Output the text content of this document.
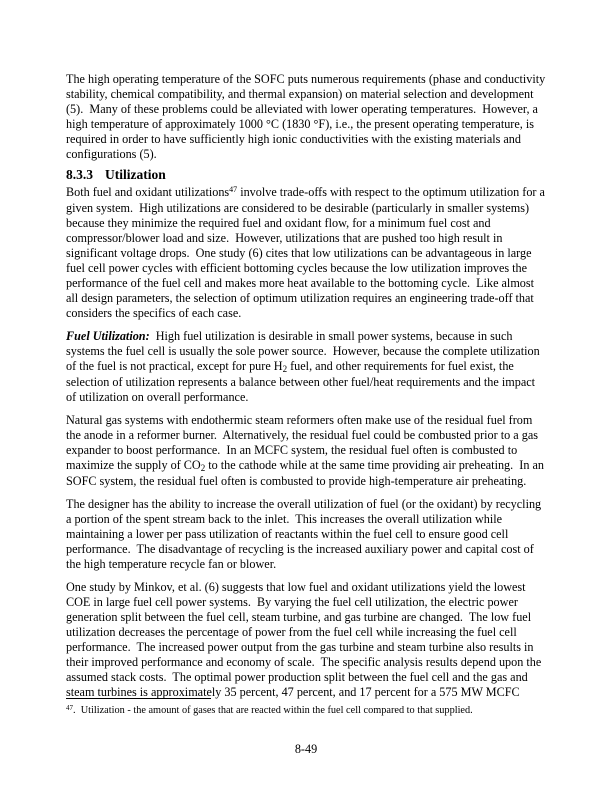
The high operating temperature of the SOFC puts numerous requirements (phase and conductivity stability, chemical compatibility, and thermal expansion) on material selection and development (5).  Many of these problems could be alleviated with lower operating temperatures.  However, a high temperature of approximately 1000 °C (1830 °F), i.e., the present operating temperature, is required in order to have sufficiently high ionic conductivities with the existing materials and configurations (5).

8.3.3 Utilization

Both fuel and oxidant utilizations$^{47}$ involve trade-offs with respect to the optimum utilization for a given system.  High utilizations are considered to be desirable (particularly in smaller systems) because they minimize the required fuel and oxidant flow, for a minimum fuel cost and compressor/blower load and size.  However, utilizations that are pushed too high result in significant voltage drops.  One study (6) cites that low utilizations can be advantageous in large fuel cell power cycles with efficient bottoming cycles because the low utilization improves the performance of the fuel cell and makes more heat available to the bottoming cycle.  Like almost all design parameters, the selection of optimum utilization requires an engineering trade-off that considers the specifics of each case.

Fuel Utilization:  High fuel utilization is desirable in small power systems, because in such systems the fuel cell is usually the sole power source.  However, because the complete utilization of the fuel is not practical, except for pure H2 fuel, and other requirements for fuel exist, the selection of utilization represents a balance between other fuel/heat requirements and the impact of utilization on overall performance.

Natural gas systems with endothermic steam reformers often make use of the residual fuel from the anode in a reformer burner.  Alternatively, the residual fuel could be combusted prior to a gas expander to boost performance.  In an MCFC system, the residual fuel often is combusted to maximize the supply of CO2 to the cathode while at the same time providing air preheating.  In an SOFC system, the residual fuel often is combusted to provide high-temperature air preheating.

The designer has the ability to increase the overall utilization of fuel (or the oxidant) by recycling a portion of the spent stream back to the inlet.  This increases the overall utilization while maintaining a lower per pass utilization of reactants within the fuel cell to ensure good cell performance.  The disadvantage of recycling is the increased auxiliary power and capital cost of the high temperature recycle fan or blower.

One study by Minkov, et al. (6) suggests that low fuel and oxidant utilizations yield the lowest COE in large fuel cell power systems.  By varying the fuel cell utilization, the electric power generation split between the fuel cell, steam turbine, and gas turbine are changed.  The low fuel utilization decreases the percentage of power from the fuel cell while increasing the fuel cell performance.  The increased power output from the gas turbine and steam turbine also results in their improved performance and economy of scale.  The specific analysis results depend upon the assumed stack costs.  The optimal power production split between the fuel cell and the gas and steam turbines is approximately 35 percent, 47 percent, and 17 percent for a 575 MW MCFC

$^{47}$.  Utilization - the amount of gases that are reacted within the fuel cell compared to that supplied.

8-49
